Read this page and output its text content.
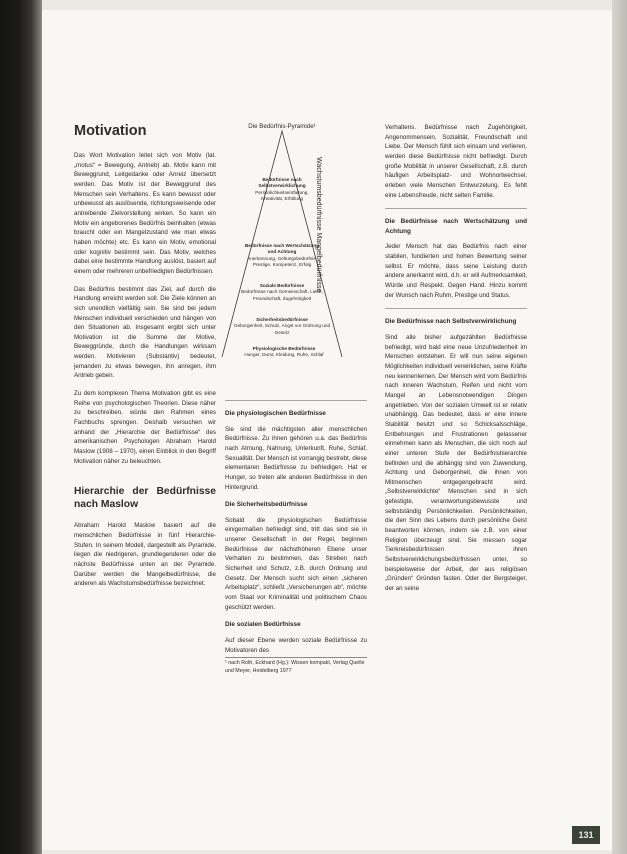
Motivation

Das Wort Motivation leitet sich von Motiv (lat. „motus“ = Bewegung, Antrieb) ab. Motiv kann mit Beweggrund, Leitgedanke oder Anreiz übersetzt werden. Das Motiv ist der Beweggrund des Menschen sein Verhaltens. Es kann bewusst oder unbewusst als auslösende, richtungsweisende oder antreibende Zielvorstellung wirken. So kann ein Motiv ein angeborenes Bedürfnis beinhalten (etwas braucht oder ein Mangelzustand wie man etwas haben möchte) etc. Es kann ein Motiv, emotional oder kognitiv bestimmt sein. Das Motiv, welches dabei eine bestimmte Handlung auslöst, basiert auf einem oder mehreren unbefriedigten Bedürfnissen.

Das Bedürfnis bestimmt das Ziel, auf durch die Handlung erreicht werden soll. Die Ziele können an sich unendlich vielfältig sein. Sie sind bei jedem Menschen individuell verschieden und hängen von den Situationen ab. Insgesamt ergibt sich unter Motivation ist die Summe der Motive, Beweggründe, durch die Handlungen wirksam werden. Motivieren (Substantiv) bedeutet, jemanden zu etwas bewegen, ihn anregen, ihm Antrieb geben.

Zu dem komplexen Thema Motivation gibt es eine Reihe von psychologischen Theorien. Diese näher zu beschreiben, würde den Rahmen eines Fachbuchs sprengen. Deshalb versuchen wir anhand der „Hierarchie der Bedürfnisse“ des amerikanischen Psychologen Abraham Harold Maslow (1908 – 1970), einen Einblick in den Begriff Motivation näher zu beleuchten.

Hierarchie der Bedürfnisse nach Maslow

Abraham Harold Maslow basiert auf die menschlichen Bedürfnisse in fünf Hierarchie-Stufen. In seinem Modell, dargestellt als Pyramide, liegen die niedrigeren, grundlegenderen oder die nächste Bedürfnisse unten an der Pyramide. Darüber werden die Mangelbedürfnisse, die anderen als Wachstumsbedürfnisse bezeichnet.

Die Bedürfnis-Pyramide¹
Bedürfnisse nach Selbstverwirklichung
Persönlichkeitsentfaltung, Kreativität, Erfüllung
Bedürfnisse nach Wertschätzung und Achtung
Anerkennung, Geltungsbedürfnis, Prestige, Kompetenz, Erfolg
Soziale Bedürfnisse
Bedürfnisse nach Gemeinschaft, Liebe, Freundschaft, Zugehörigkeit
Sicherheitsbedürfnisse
Geborgenheit, Schutz, Angst vor Ordnung und Gesetz
Physiologische Bedürfnisse
Hunger, Durst, Kleidung, Ruhe, Schlaf
Wachstumsbedürfnisse Mangelbedürfnisse
Die physiologischen Bedürfnisse

Sie sind die mächtigsten aller menschlichen Bedürfnisse. Zu ihnen gehören u.a. das Bedürfnis nach Atmung, Nahrung, Unterkunft, Ruhe, Schlaf, Sexualität. Der Mensch ist vorrangig bestrebt, diese elementaren Bedürfnisse zu befriedigen. Hat er Hunger, so treten alle anderen Bedürfnisse in den Hintergrund.

Die Sicherheitsbedürfnisse

Sobald die physiologischen Bedürfnisse einigermaßen befriedigt sind, tritt das sind sie in unserer Gesellschaft in der Regel, beginnen Bedürfnisse der nächsthöheren Ebene unser Verhalten zu bestimmen, das Streben nach Sicherheit und Schutz, z.B. durch Ordnung und Gesetz. Der Mensch sucht sich einen „sicheren Arbeitsplatz“, schließt „Versicherungen ab“, möchte vom Staat vor Kriminalität und politischem Chaos geschützt werden.

Die sozialen Bedürfnisse

Auf dieser Ebene werden soziale Bedürfnisse zu Motivatoren des

¹ nach Roth, Eckhard (Hg.): Wissen kompakt, Verlag Quelle und Meyer, Heidelberg 1977

Verhaltens. Bedürfnisse nach Zugehörigkeit, Angenommensein, Sozialität, Freundschaft und Liebe. Der Mensch fühlt sich einsam und verlieren, werden diese Bedürfnisse nicht befriedigt. Durch große Mobilität in unserer Gesellschaft, z.B. durch häufigen Arbeitsplatz- und Wohnortwechsel, erleben viele Menschen Entwurzelung. Es fehlt eine Lebensfreude, nicht selten Familie.

Die Bedürfnisse nach Wertschätzung und Achtung

Jeder Mensch hat das Bedürfnis nach einer stabilen, fundierten und hohen Bewertung seiner selbst. Er möchte, dass seine Leistung durch andere anerkannt wird, d.h. er will Aufmerksamkeit, Würde und Respekt. Gegen Hand. Hinzu kommt der Wunsch nach Ruhm, Prestige und Status.

Die Bedürfnisse nach Selbstverwirklichung

Sind alle bisher aufgezählten Bedürfnisse befriedigt, wird bald eine neue Unzufriedenheit im Menschen entstehen. Er will nun seine eigenen Möglichkeiten individuell verwirklichen, seine Kräfte neu kennenlernen. Der Mensch wird vom Bedürfnis nach inneren Wachstum, Reifen und nicht vom Mangel an Lebensnotwendigen Dingen angetrieben. Von der sozialen Umwelt ist er relativ unabhängig. Das bedeutet, dass er eine innere Stabilität besitzt und so Schicksalsschläge, Entbehrungen und Frustrationen gelassener einnehmen kann als Menschen, die sich noch auf einer unteren Stufe der Bedürfnishierarchie befinden und die abhängig sind von Zuwendung, Achtung und Geborgenheit, die ihnen von Mitmenschen entgegengebracht wird. „Selbstverwirklichte“ Menschen sind in sich gefestigte, verantwortungsbewusste und selbstständig Persönlichkeiten. Persönlichkeiten, die den Sinn des Lebens durch persönliche Geist beantworten können, indem sie z.B. von einer Religion überzeugt sind. Sie messen sogar Tierkreisbedürfnissen ihren Selbstverwirklichungsbedürfnissen unter, so beispielsweise der Arbeit, der aus religiösen „Gründen“ Gründen fasten. Oder der Bergsteiger, der an seine

131
